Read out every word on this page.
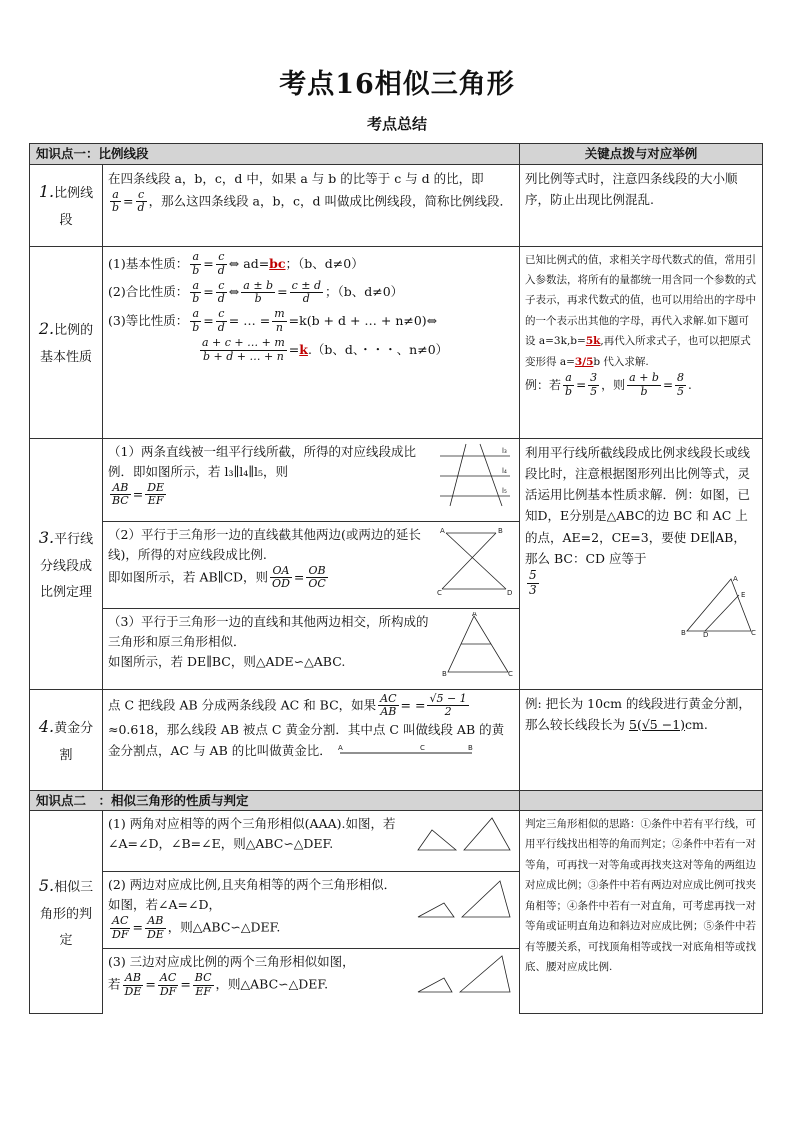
考点16相似三角形
考点总结
知识点一：比例线段	关键点拨与对应举例
1.比例线段	在四条线段 a，b，c，d 中，如果 a 与 b 的比等于 c 与 d 的比，即

$\frac{a}{b} = \frac{c}{d}$ ，那么这四条线段 a，b，c，d 叫做成比例线段，简称比例线段．	列比例等式时，注意四条线段的大小顺序，防止出现比例混乱.
2.比例的基本性质	
(1)基本性质： $\frac{a}{b} = \frac{c}{d}$ ⇔ ad=bc；（b、d≠0）
(2)合比性质： $\frac{a}{b} = \frac{c}{d}$ ⇔ $\frac{a \pm b}{b} = \frac{c \pm d}{d}$ ；（b、d≠0）
(3)等比性质： $\frac{a}{b} = \frac{c}{d}$ = … = $\frac{m}{n} =k(b + d$ + … + n≠0)⇔
$\frac{a + c + \dots + m}{b + d + \dots + n} =k.(b$、d、・・・、n≠0）
	已知比例式的值，求相关字母代数式的值，常用引入参数法，将所有的量都统一用含同一个参数的式子表示，再求代数式的值，也可以用给出的字母中 的一个表示出其他的字母，再代入求解.如下题可设 a=3k,b=5k,再代入所求式子，也可以把原式变形得 a=3/5b 代入求解.
例：若 $\frac{a}{b} = \frac{3}{5}$ ，则 $\frac{a + b}{b} = \frac{8}{5}$ .
3.平行线分线段成比例定理	
l₃
l₄
l₅
（1）两条直线被一组平行线所截，所得的对应线段成比例．即如图所示，若 l₃∥l₄∥l₅，则

$\frac{AB}{BC} = \frac{DE}{EF}$

A	B
C	D
（2）平行于三角形一边的直线截其他两边(或两边的延长　线)，所得的对应线段成比例.
即如图所示，若 AB∥CD，则 $\frac{OA}{OD} = \frac{OB}{OC}$

A
B	C
（3）平行于三角形一边的直线和其他两边相交，所构成的三角形和原三角形相似．
如图所示，若 DE∥BC，则△ADE∽△ABC.
	利用平行线所截线段成比例求线段长或线段比时，注意根据图形列出比例等式，灵活运用比例基本性质求解．例：如图，已知D，E分别是△ABC的边 BC 和 AC 上的点，AE=2，CE=3，要使 DE∥AB，那么 BC：CD 应等于

$\frac{5}{3}$	A
B	C
D
E

4.黄金分割	点 C 把线段 AB 分成两条线段 AC 和 BC，如果 $\frac{AC}{AB}$ = = $\frac{√5 - 1}{2}$
≈0.618，那么线段 AB 被点 C 黄金分割．其中点 C 叫做线段 AB 的黄金分割点，AC 与 AB 的比叫做黄金比． A	C	B
	例: 把长为 10cm 的线段进行黄金分割，那么较长线段长为 5(√5 −1)cm.
知识点二　：相似三角形的性质与判定	
5.相似三角形的判定	
(1) 两角对应相等的两个三角形相似(AAA).如图，若∠A=∠D，∠B=∠E，则△ABC∽△DEF.

(2) 两边对应成比例,且夹角相等的两个三角形相似．如图，若∠A=∠D，

$\frac{AC}{DF} = \frac{AB}{DE}$ ，则△ABC∽△DEF.

(3) 三边对应成比例的两个三角形相似如图，
若 $\frac{AB}{DE} = \frac{AC}{DF} = \frac{BC}{EF}$ ，则△ABC∽△DEF.
	判定三角形相似的思路：①条件中若有平行线，可用平行线找出相等的角而判定；②条件中若有一对等角，可再找一对等角或再找夹这对等角的两组边对应成比例；③条件中若有两边对应成比例可找夹角相等；④条件中若有一对直角，可考虑再找一对等角或证明直角边和斜边对应成比例；⑤条件中若有等腰关系，可找顶角相等或找一对底角相等或找底、腰对应成比例.
